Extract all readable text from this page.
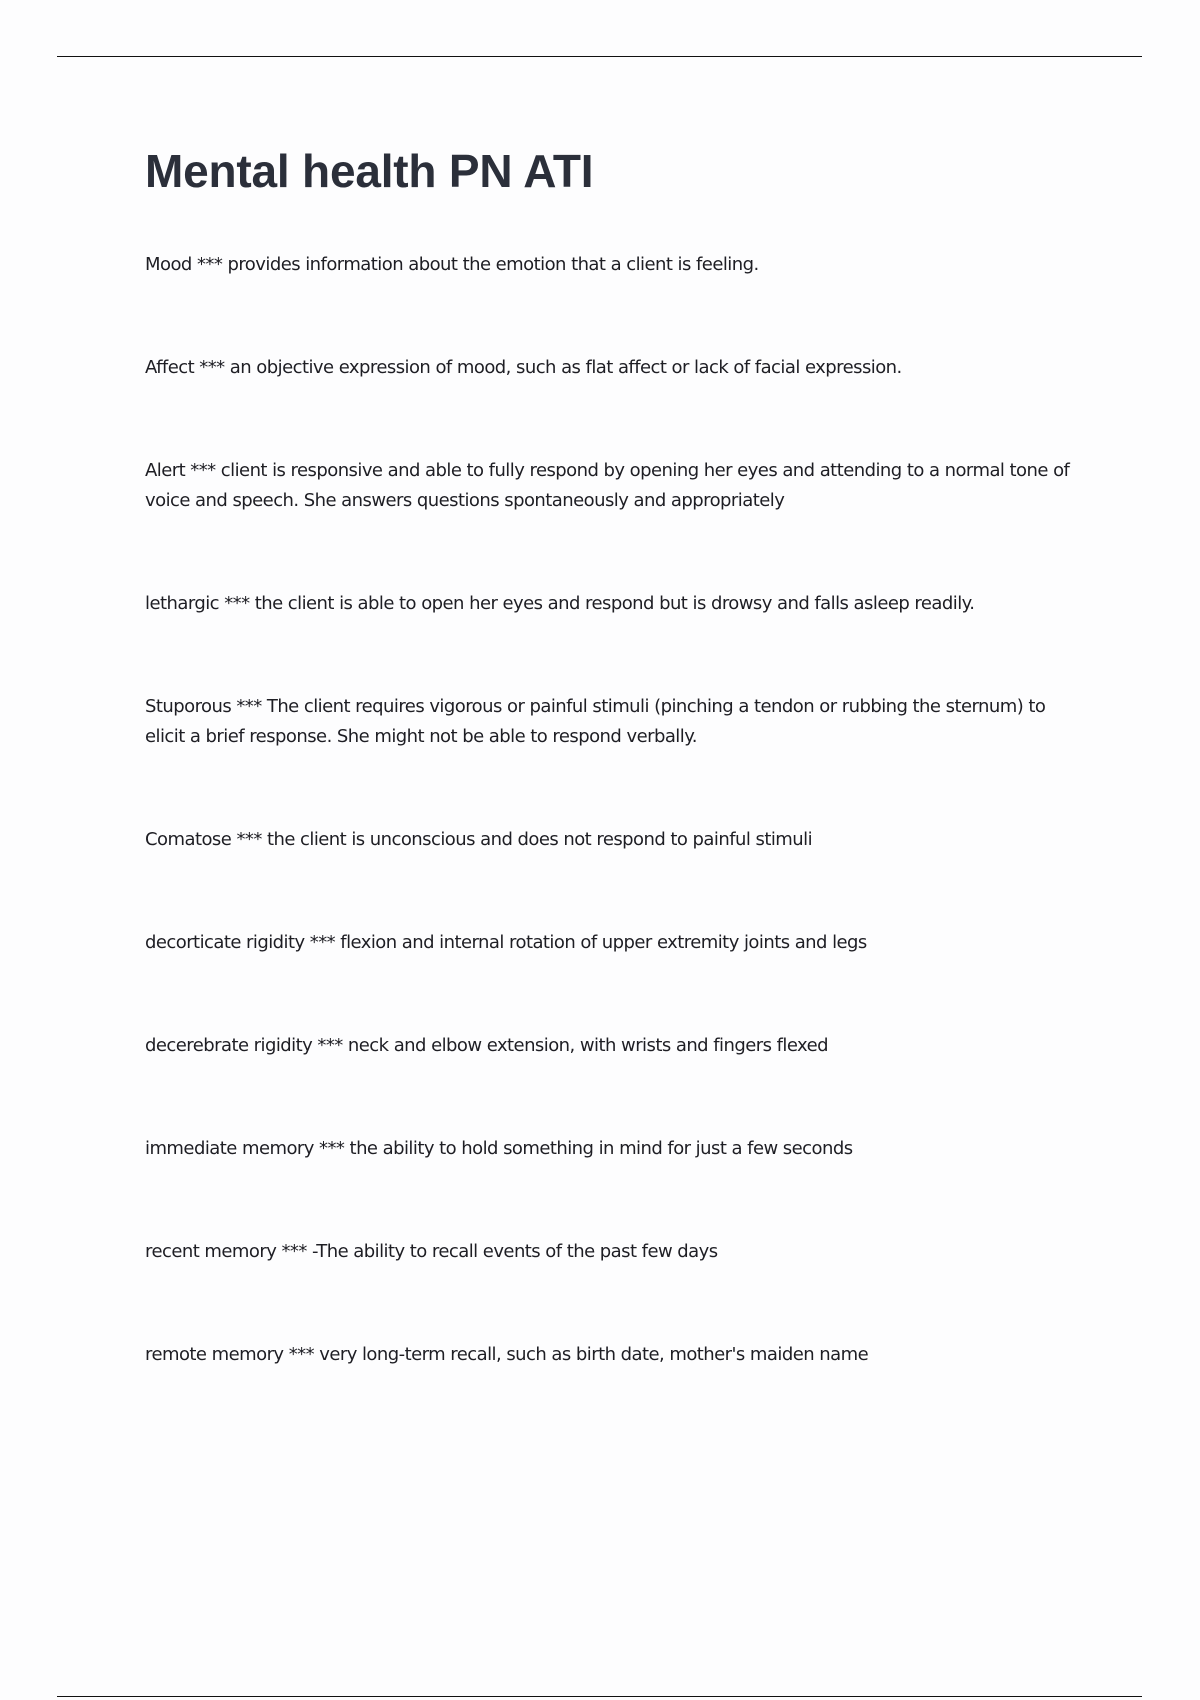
Mental health PN ATI

Mood *** provides information about the emotion that a client is feeling.

Affect *** an objective expression of mood, such as flat affect or lack of facial expression.

Alert *** client is responsive and able to fully respond by opening her eyes and attending to a normal tone of voice and speech. She answers questions spontaneously and appropriately

lethargic *** the client is able to open her eyes and respond but is drowsy and falls asleep readily.

Stuporous *** The client requires vigorous or painful stimuli (pinching a tendon or rubbing the sternum) to elicit a brief response. She might not be able to respond verbally.

Comatose *** the client is unconscious and does not respond to painful stimuli

decorticate rigidity *** flexion and internal rotation of upper extremity joints and legs

decerebrate rigidity *** neck and elbow extension, with wrists and fingers flexed

immediate memory *** the ability to hold something in mind for just a few seconds

recent memory *** -The ability to recall events of the past few days

remote memory *** very long-term recall, such as birth date, mother's maiden name
